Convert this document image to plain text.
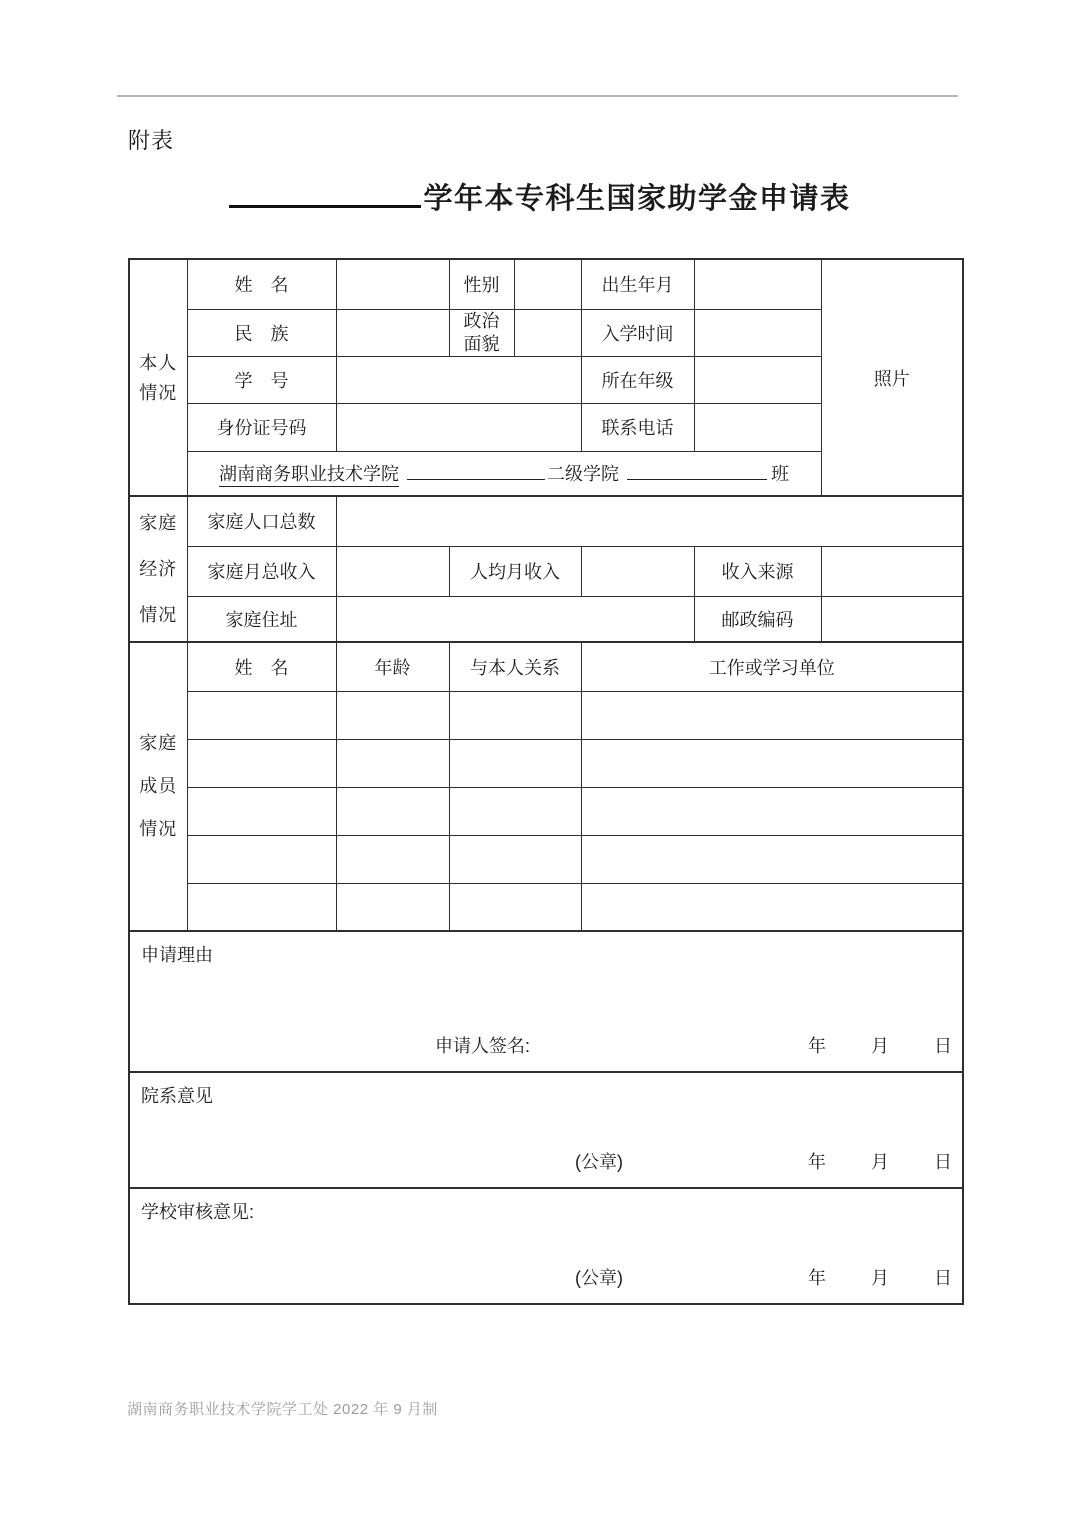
附表
学年本专科生国家助学金申请表
本人情况	姓　名		性别		出生年月		照片
	民　族		政治面貌		入学时间		
	学　号				所在年级		
	身份证号码				联系电话		
	湖南商务职业技术学院 二级学院 班						

家庭经济情况	家庭人口总数						
	家庭月总收入		人均月收入			收入来源	
	家庭住址					邮政编码	

家庭成员情况	姓　名	年龄	与本人关系		工作或学习单位		

申请理由
申请人签名: 年 月 日							

院系意见
(公章) 年 月 日							

学校审核意见:
(公章) 年 月 日							
湖南商务职业技术学院学工处 2022 年 9 月制
